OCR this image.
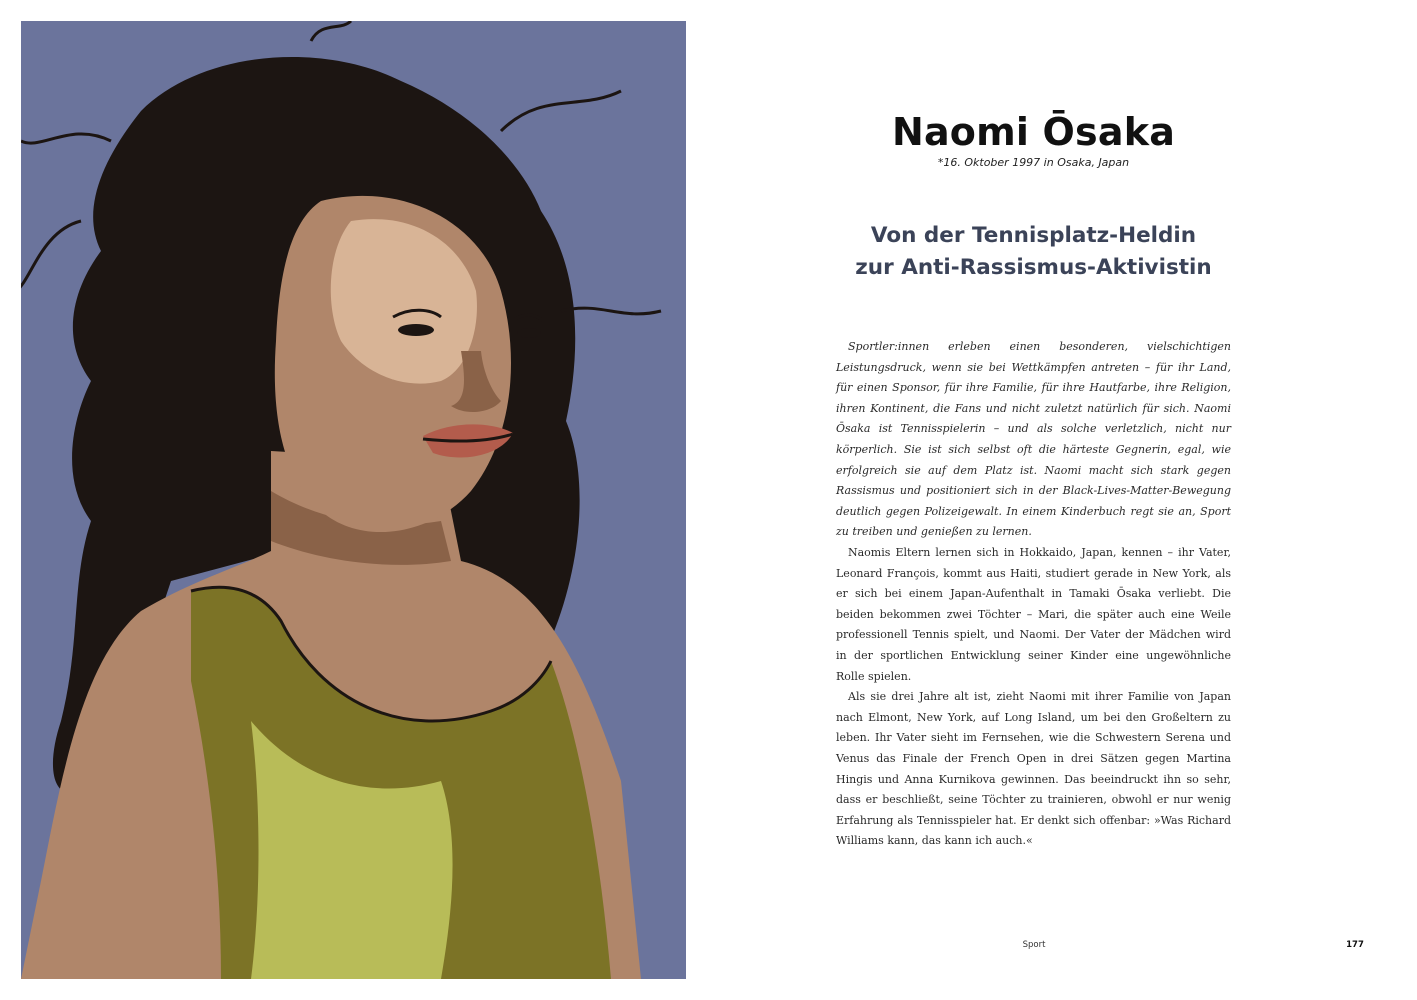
Naomi Ōsaka
*16. Oktober 1997 in Osaka, Japan
Von der Tennisplatz-Heldin
zur Anti-Rassismus-Aktivistin

Sportler:innen erleben einen besonderen, vielschichtigen Leistungsdruck, wenn sie bei Wettkämpfen antreten – für ihr Land, für einen Sponsor, für ihre Familie, für ihre Hautfarbe, ihre Religion, ihren Kontinent, die Fans und nicht zuletzt natürlich für sich. Naomi Ōsaka ist Tennisspielerin – und als solche verletzlich, nicht nur körperlich. Sie ist sich selbst oft die härteste Gegnerin, egal, wie erfolgreich sie auf dem Platz ist. Naomi macht sich stark gegen Rassismus und positioniert sich in der Black-Lives-Matter-Bewegung deutlich gegen Polizeigewalt. In einem Kinderbuch regt sie an, Sport zu treiben und genießen zu lernen.

Naomis Eltern lernen sich in Hokkaido, Japan, kennen – ihr Vater, Leonard François, kommt aus Haiti, studiert gerade in New York, als er sich bei einem Japan-Aufenthalt in Tamaki Ōsaka verliebt. Die beiden bekommen zwei Töchter – Mari, die später auch eine Weile professionell Tennis spielt, und Naomi. Der Vater der Mädchen wird in der sportlichen Entwicklung seiner Kinder eine ungewöhnliche Rolle spielen.

Als sie drei Jahre alt ist, zieht Naomi mit ihrer Familie von Japan nach Elmont, New York, auf Long Island, um bei den Großeltern zu leben. Ihr Vater sieht im Fernsehen, wie die Schwestern Serena und Venus das Finale der French Open in drei Sätzen gegen Martina Hingis und Anna Kurnikova gewinnen. Das beeindruckt ihn so sehr, dass er beschließt, seine Töchter zu trainieren, obwohl er nur wenig Erfahrung als Tennisspieler hat. Er denkt sich offenbar: »Was Richard Williams kann, das kann ich auch.«

Sport	177
